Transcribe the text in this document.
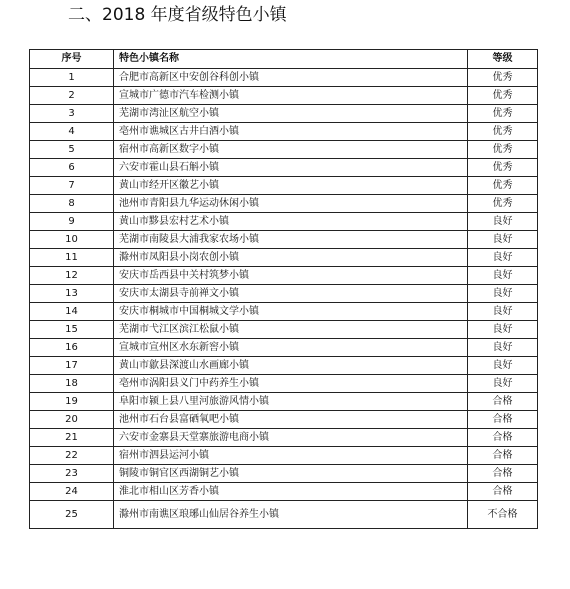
二、2018 年度省级特色小镇
序号	特色小镇名称	等级
1	合肥市高新区中安创谷科创小镇	优秀
2	宣城市广德市汽车检测小镇	优秀
3	芜湖市湾沚区航空小镇	优秀
4	亳州市谯城区古井白酒小镇	优秀
5	宿州市高新区数字小镇	优秀
6	六安市霍山县石斛小镇	优秀
7	黄山市经开区徽艺小镇	优秀
8	池州市青阳县九华运动休闲小镇	优秀
9	黄山市黟县宏村艺术小镇	良好
10	芜湖市南陵县大浦我家农场小镇	良好
11	滁州市凤阳县小岗农创小镇	良好
12	安庆市岳西县中关村筑梦小镇	良好
13	安庆市太湖县寺前禅文小镇	良好
14	安庆市桐城市中国桐城文学小镇	良好
15	芜湖市弋江区滨江松鼠小镇	良好
16	宣城市宣州区水东新窖小镇	良好
17	黄山市歙县深渡山水画廊小镇	良好
18	亳州市涡阳县义门中药养生小镇	良好
19	阜阳市颍上县八里河旅游风情小镇	合格
20	池州市石台县富硒氧吧小镇	合格
21	六安市金寨县天堂寨旅游电商小镇	合格
22	宿州市泗县运河小镇	合格
23	铜陵市铜官区西湖铜艺小镇	合格
24	淮北市相山区芳香小镇	合格
25	滁州市南谯区琅琊山仙居谷养生小镇	不合格
